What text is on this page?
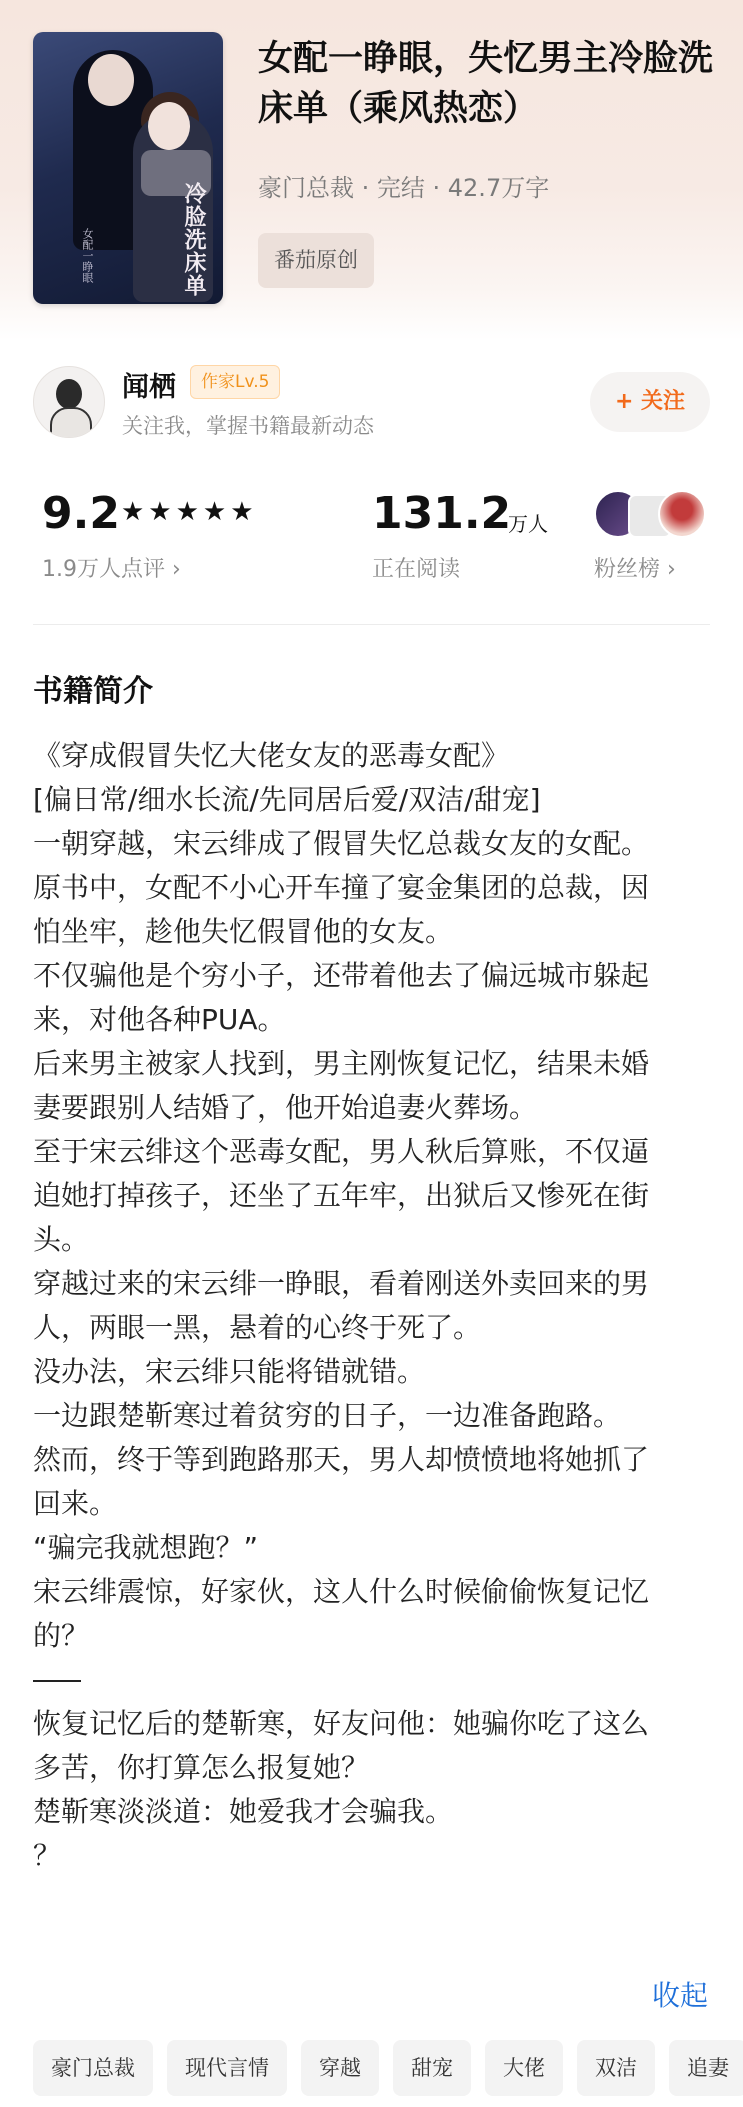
冷脸洗床单
女配一睁眼
女配一睁眼，失忆男主冷脸洗床单（乘风热恋）
豪门总裁 · 完结 · 42.7万字
番茄原创
闻栖	作家Lv.5
关注我，掌握书籍最新动态
+ 关注
9.2 ★★★★★
1.9万人点评 ›
131.2
万人
正在阅读	粉丝榜 ›
书籍简介
《穿成假冒失忆大佬女友的恶毒女配》
[偏日常/细水长流/先同居后爱/双洁/甜宠]
一朝穿越，宋云绯成了假冒失忆总裁女友的女配。
原书中，女配不小心开车撞了宴金集团的总裁，因
怕坐牢，趁他失忆假冒他的女友。
不仅骗他是个穷小子，还带着他去了偏远城市躲起
来，对他各种PUA。
后来男主被家人找到，男主刚恢复记忆，结果未婚
妻要跟别人结婚了，他开始追妻火葬场。
至于宋云绯这个恶毒女配，男人秋后算账，不仅逼
迫她打掉孩子，还坐了五年牢，出狱后又惨死在街
头。
穿越过来的宋云绯一睁眼，看着刚送外卖回来的男
人，两眼一黑，悬着的心终于死了。
没办法，宋云绯只能将错就错。
一边跟楚靳寒过着贫穷的日子，一边准备跑路。
然而，终于等到跑路那天，男人却愤愤地将她抓了
回来。
“骗完我就想跑？”
宋云绯震惊，好家伙，这人什么时候偷偷恢复记忆
的？
恢复记忆后的楚靳寒，好友问他：她骗你吃了这么
多苦，你打算怎么报复她？
楚靳寒淡淡道：她爱我才会骗我。
？
收起
豪门总裁 现代言情 穿越 甜宠 大佬 双洁 追妻
